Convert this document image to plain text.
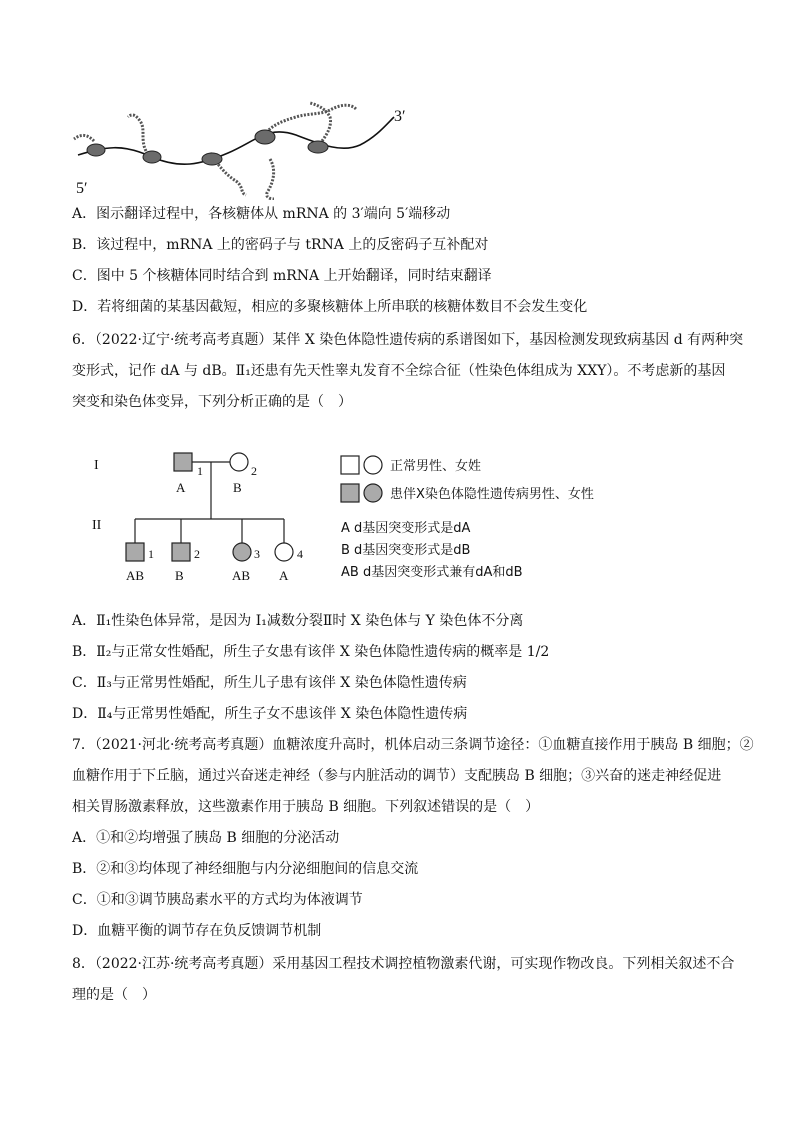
3′
5′
A．图示翻译过程中，各核糖体从 mRNA 的 3′端向 5′端移动
B．该过程中，mRNA 上的密码子与 tRNA 上的反密码子互补配对
C．图中 5 个核糖体同时结合到 mRNA 上开始翻译，同时结束翻译
D．若将细菌的某基因截短，相应的多聚核糖体上所串联的核糖体数目不会发生变化
6．（2022·辽宁·统考高考真题）某伴 X 染色体隐性遗传病的系谱图如下，基因检测发现致病基因 d 有两种突
变形式，记作 dA 与 dB。Ⅱ₁还患有先天性睾丸发育不全综合征（性染色体组成为 XXY）。不考虑新的基因
突变和染色体变异，下列分析正确的是（　）
I
II
1	2
1	2	3	4
A	B
AB B	AB A
正常男性、女姓
患伴X染色体隐性遗传病男性、女性
A d基因突变形式是dA
B d基因突变形式是dB
AB d基因突变形式兼有dA和dB
A．Ⅱ₁性染色体异常，是因为 I₁减数分裂Ⅱ时 X 染色体与 Y 染色体不分离
B．Ⅱ₂与正常女性婚配，所生子女患有该伴 X 染色体隐性遗传病的概率是 1/2
C．Ⅱ₃与正常男性婚配，所生儿子患有该伴 X 染色体隐性遗传病
D．Ⅱ₄与正常男性婚配，所生子女不患该伴 X 染色体隐性遗传病
7．（2021·河北·统考高考真题）血糖浓度升高时，机体启动三条调节途径：①血糖直接作用于胰岛 B 细胞；②
血糖作用于下丘脑，通过兴奋迷走神经（参与内脏活动的调节）支配胰岛 B 细胞；③兴奋的迷走神经促进
相关胃肠激素释放，这些激素作用于胰岛 B 细胞。下列叙述错误的是（　）
A．①和②均增强了胰岛 B 细胞的分泌活动
B．②和③均体现了神经细胞与内分泌细胞间的信息交流
C．①和③调节胰岛素水平的方式均为体液调节
D．血糖平衡的调节存在负反馈调节机制
8．（2022·江苏·统考高考真题）采用基因工程技术调控植物激素代谢，可实现作物改良。下列相关叙述不合
理的是（　）
